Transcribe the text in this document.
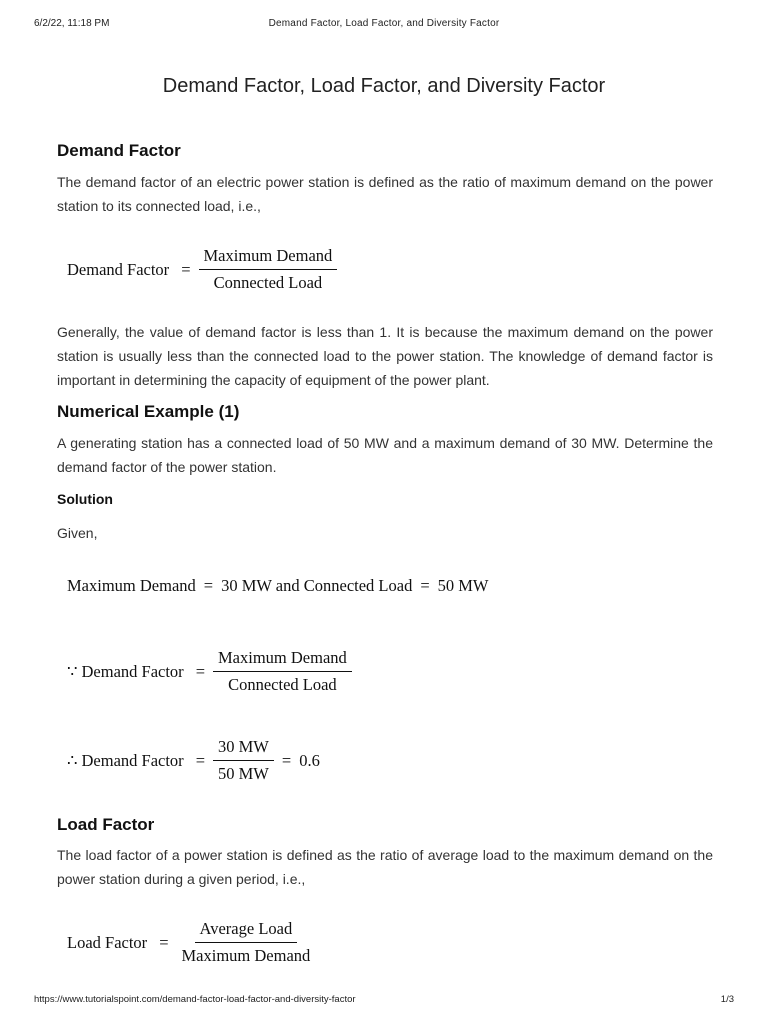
6/2/22, 11:18 PM	Demand Factor, Load Factor, and Diversity Factor
Demand Factor, Load Factor, and Diversity Factor
Demand Factor

The demand factor of an electric power station is defined as the ratio of maximum demand on the power station to its connected load, i.e.,

Demand Factor = $\frac{\text{Maximum Demand}}{\text{Connected Load}}$

Generally, the value of demand factor is less than 1. It is because the maximum demand on the power station is usually less than the connected load to the power station. The knowledge of demand factor is important in determining the capacity of equipment of the power plant.

Numerical Example (1)

A generating station has a connected load of 50 MW and a maximum demand of 30 MW. Determine the demand factor of the power station.

Solution

Given,

Maximum Demand = 30 MW and Connected Load = 50 MW
∵ Demand Factor = $\frac{\text{Maximum Demand}}{\text{Connected Load}}$
∴ Demand Factor = $\frac{30 MW}{50 MW} = 0.6$
Load Factor

The load factor of a power station is defined as the ratio of average load to the maximum demand on the power station during a given period, i.e.,

Load Factor = $\frac{\text{Average Load}}{\text{Maximum Demand}}$
https://www.tutorialspoint.com/demand-factor-load-factor-and-diversity-factor	1/3
